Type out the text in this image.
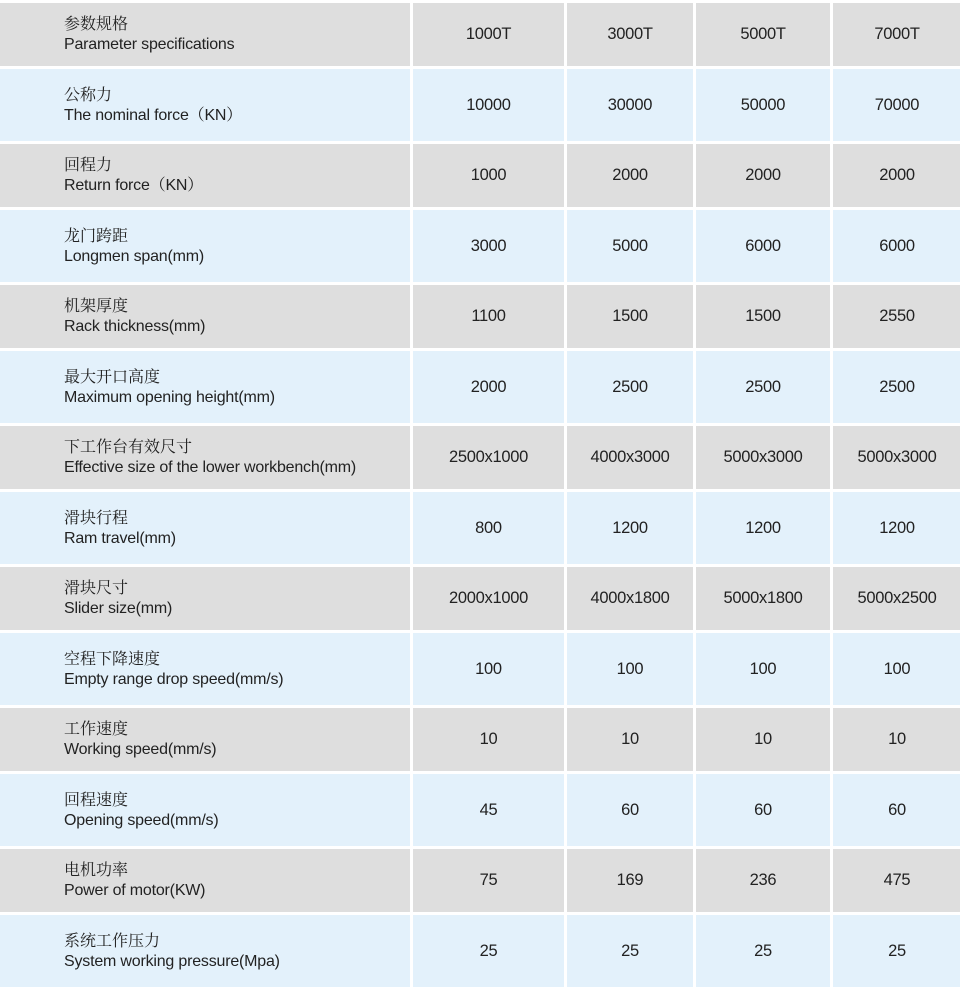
参数规格
Parameter specifications	1000T	3000T	5000T	7000T

公称力
The nominal force（KN）	10000	30000	50000	70000

回程力
Return force（KN）	1000	2000	2000	2000

龙门跨距
Longmen span(mm)	3000	5000	6000	6000

机架厚度
Rack thickness(mm)	1100	1500	1500	2550

最大开口高度
Maximum opening height(mm)	2000	2500	2500	2500

下工作台有效尺寸
Effective size of the lower workbench(mm)	2500x1000	4000x3000	5000x3000	5000x3000

滑块行程
Ram travel(mm)	800	1200	1200	1200

滑块尺寸
Slider size(mm)	2000x1000	4000x1800	5000x1800	5000x2500

空程下降速度
Empty range drop speed(mm/s)	100	100	100	100

工作速度
Working speed(mm/s)	10	10	10	10

回程速度
Opening speed(mm/s)	45	60	60	60

电机功率
Power of motor(KW)	75	169	236	475

系统工作压力
System working pressure(Mpa)	25	25	25	25
